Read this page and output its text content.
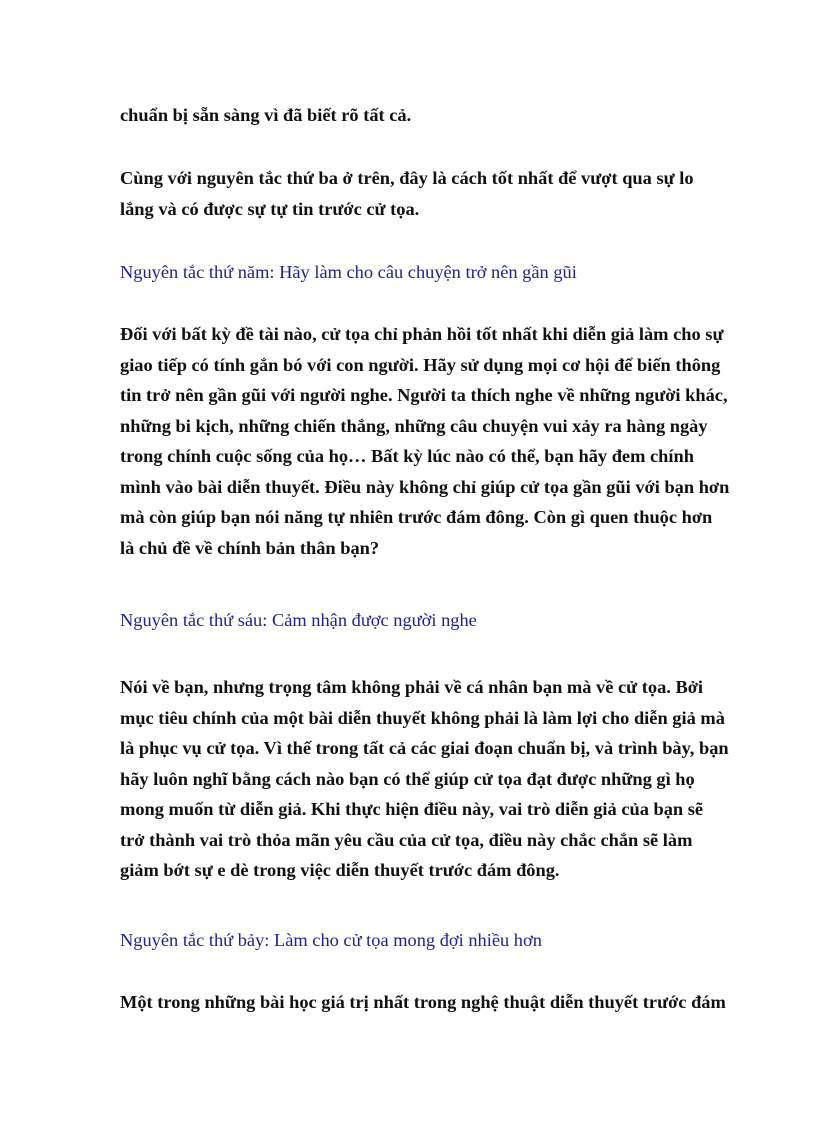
chuẩn bị sẵn sàng vì đã biết rõ tất cả.

Cùng với nguyên tắc thứ ba ở trên, đây là cách tốt nhất để vượt qua sự lo
lắng và có được sự tự tin trước cử tọa.

Nguyên tắc thứ năm: Hãy làm cho câu chuyện trở nên gần gũi

Đối với bất kỳ đề tài nào, cử tọa chỉ phản hồi tốt nhất khi diễn giả làm cho sự
giao tiếp có tính gắn bó với con người. Hãy sử dụng mọi cơ hội để biến thông
tin trở nên gần gũi với người nghe. Người ta thích nghe về những người khác,
những bi kịch, những chiến thắng, những câu chuyện vui xảy ra hàng ngày
trong chính cuộc sống của họ… Bất kỳ lúc nào có thể, bạn hãy đem chính
mình vào bài diễn thuyết. Điều này không chỉ giúp cử tọa gần gũi với bạn hơn
mà còn giúp bạn nói năng tự nhiên trước đám đông. Còn gì quen thuộc hơn
là chủ đề về chính bản thân bạn?

Nguyên tắc thứ sáu: Cảm nhận được người nghe

Nói về bạn, nhưng trọng tâm không phải về cá nhân bạn mà về cử tọa. Bởi
mục tiêu chính của một bài diễn thuyết không phải là làm lợi cho diễn giả mà
là phục vụ cử tọa. Vì thế trong tất cả các giai đoạn chuẩn bị, và trình bày, bạn
hãy luôn nghĩ bằng cách nào bạn có thể giúp cử tọa đạt được những gì họ
mong muốn từ diễn giả. Khi thực hiện điều này, vai trò diễn giả của bạn sẽ
trở thành vai trò thỏa mãn yêu cầu của cử tọa, điều này chắc chắn sẽ làm
giảm bớt sự e dè trong việc diễn thuyết trước đám đông.

Nguyên tắc thứ bảy: Làm cho cử tọa mong đợi nhiều hơn

Một trong những bài học giá trị nhất trong nghệ thuật diễn thuyết trước đám
